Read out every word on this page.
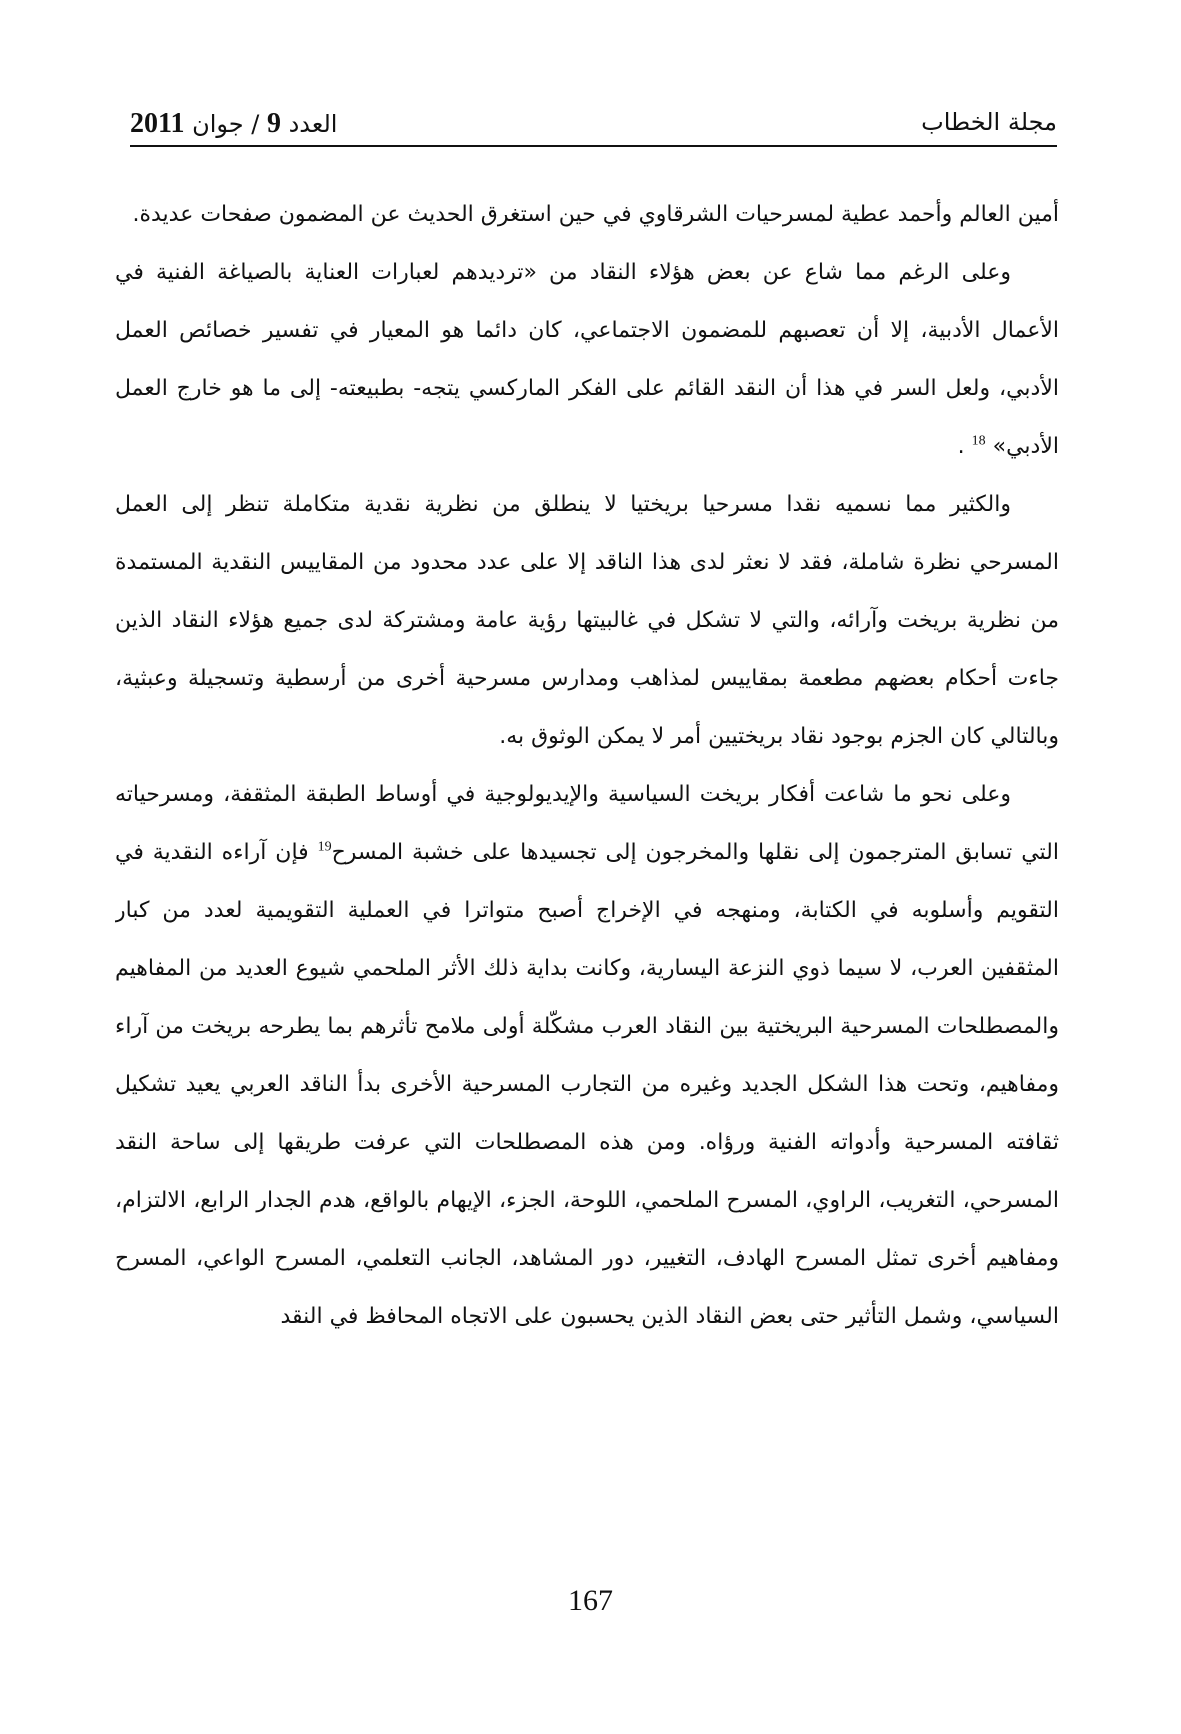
مجلة الخطاب
العدد 9 / جوان 2011

أمين العالم وأحمد عطية لمسرحيات الشرقاوي في حين استغرق الحديث عن المضمون صفحات عديدة.

وعلى الرغم مما شاع عن بعض هؤلاء النقاد من «ترديدهم لعبارات العناية بالصياغة الفنية في الأعمال الأدبية، إلا أن تعصبهم للمضمون الاجتماعي، كان دائما هو المعيار في تفسير خصائص العمل الأدبي، ولعل السر في هذا أن النقد القائم على الفكر الماركسي يتجه- بطبيعته- إلى ما هو خارج العمل الأدبي» $^{18}$ .

والكثير مما نسميه نقدا مسرحيا بريختيا لا ينطلق من نظرية نقدية متكاملة تنظر إلى العمل المسرحي نظرة شاملة، فقد لا نعثر لدى هذا الناقد إلا على عدد محدود من المقاييس النقدية المستمدة من نظرية بريخت وآرائه، والتي لا تشكل في غالبيتها رؤية عامة ومشتركة لدى جميع هؤلاء النقاد الذين جاءت أحكام بعضهم مطعمة بمقاييس لمذاهب ومدارس مسرحية أخرى من أرسطية وتسجيلة وعبثية، وبالتالي كان الجزم بوجود نقاد بريختيين أمر لا يمكن الوثوق به.

وعلى نحو ما شاعت أفكار بريخت السياسية والإيديولوجية في أوساط الطبقة المثقفة، ومسرحياته التي تسابق المترجمون إلى نقلها والمخرجون إلى تجسيدها على خشبة المسرح$^{19}$ فإن آراءه النقدية في التقويم وأسلوبه في الكتابة، ومنهجه في الإخراج أصبح متواترا في العملية التقويمية لعدد من كبار المثقفين العرب، لا سيما ذوي النزعة اليسارية، وكانت بداية ذلك الأثر الملحمي شيوع العديد من المفاهيم والمصطلحات المسرحية البريختية بين النقاد العرب مشكّلة أولى ملامح تأثرهم بما يطرحه بريخت من آراء ومفاهيم، وتحت هذا الشكل الجديد وغيره من التجارب المسرحية الأخرى بدأ الناقد العربي يعيد تشكيل ثقافته المسرحية وأدواته الفنية ورؤاه. ومن هذه المصطلحات التي عرفت طريقها إلى ساحة النقد المسرحي، التغريب، الراوي، المسرح الملحمي، اللوحة، الجزء، الإيهام بالواقع، هدم الجدار الرابع، الالتزام، ومفاهيم أخرى تمثل المسرح الهادف، التغيير، دور المشاهد، الجانب التعلمي، المسرح الواعي، المسرح السياسي، وشمل التأثير حتى بعض النقاد الذين يحسبون على الاتجاه المحافظ في النقد

167
